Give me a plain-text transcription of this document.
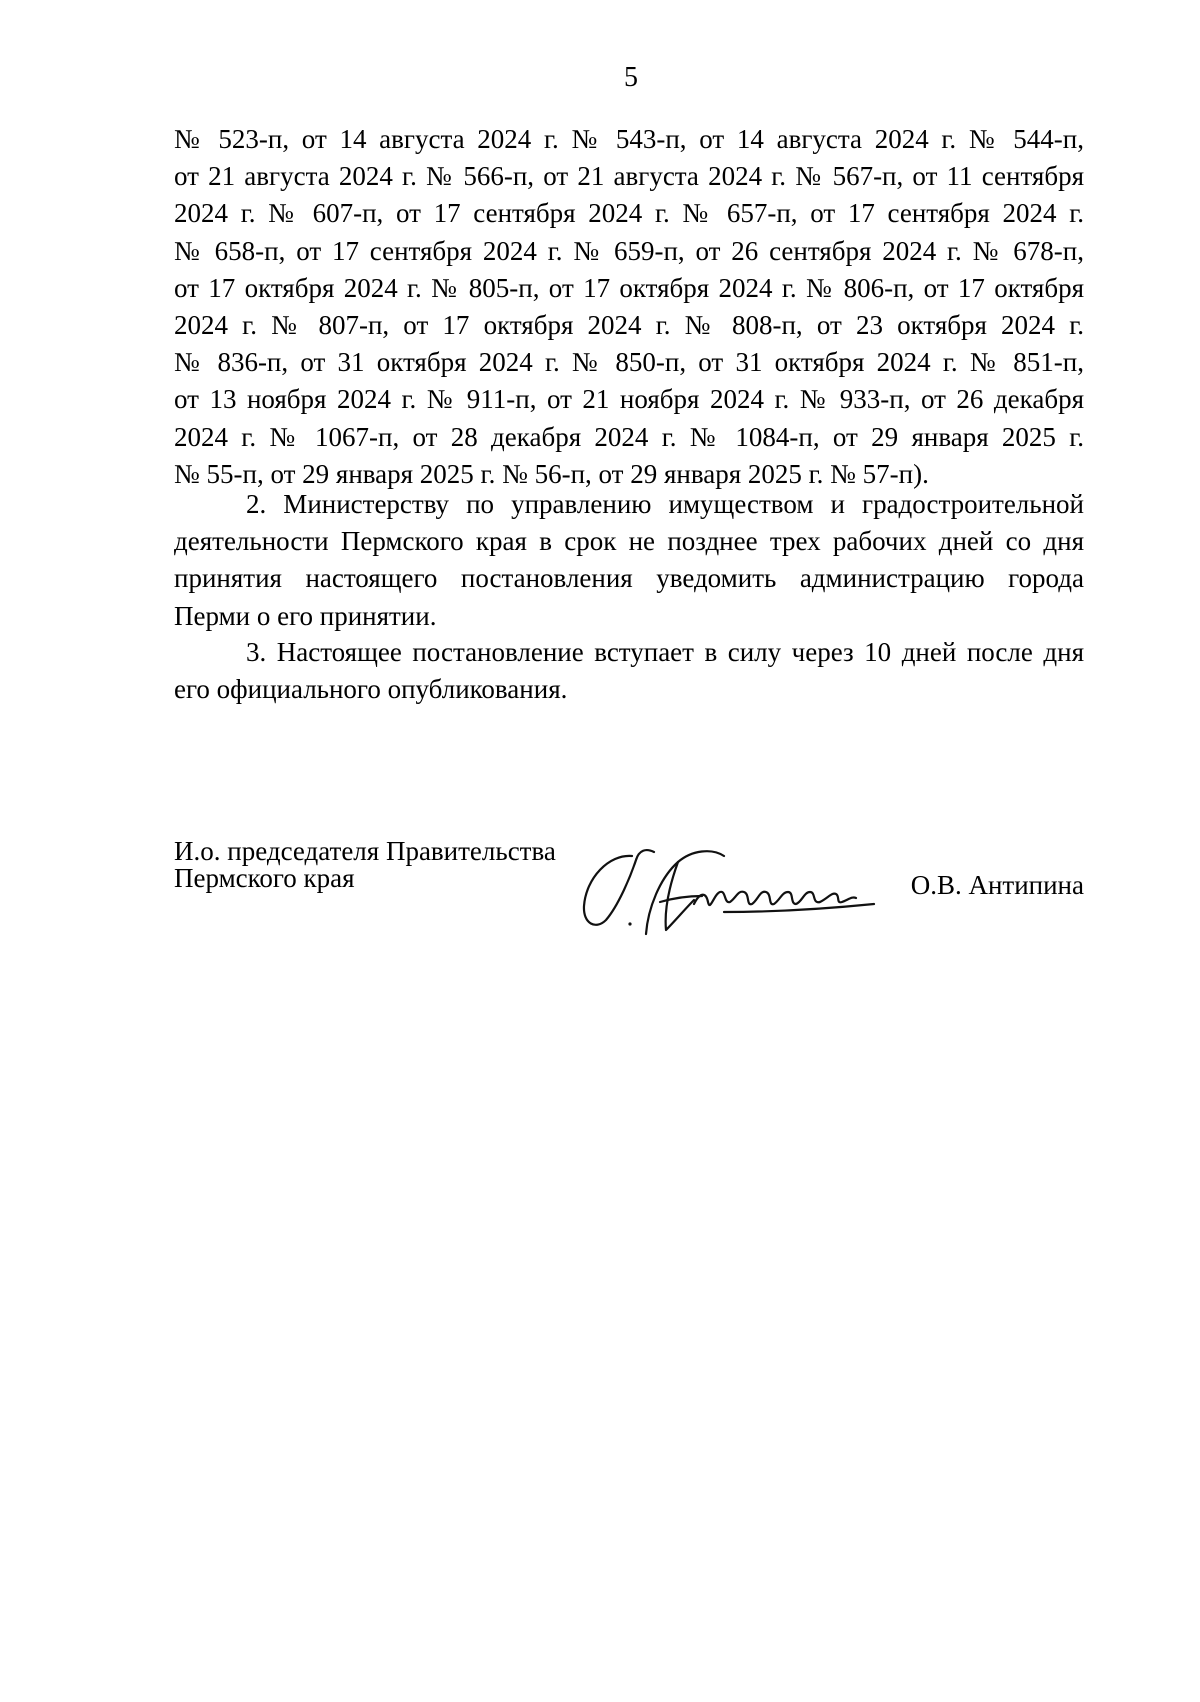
5
№ 523-п, от 14 августа 2024 г. № 543-п, от 14 августа 2024 г. № 544-п,
от 21 августа 2024 г. № 566-п, от 21 августа 2024 г. № 567-п, от 11 сентября
2024 г. № 607-п, от 17 сентября 2024 г. № 657-п, от 17 сентября 2024 г.
№ 658-п, от 17 сентября 2024 г. № 659-п, от 26 сентября 2024 г. № 678-п,
от 17 октября 2024 г. № 805-п, от 17 октября 2024 г. № 806-п, от 17 октября
2024 г. № 807-п, от 17 октября 2024 г. № 808-п, от 23 октября 2024 г.
№ 836-п, от 31 октября 2024 г. № 850-п, от 31 октября 2024 г. № 851-п,
от 13 ноября 2024 г. № 911-п, от 21 ноября 2024 г. № 933-п, от 26 декабря
2024 г. № 1067-п, от 28 декабря 2024 г. № 1084-п, от 29 января 2025 г.
№ 55-п, от 29 января 2025 г. № 56-п, от 29 января 2025 г. № 57-п).
2. Министерству по управлению имуществом и градостроительной
деятельности Пермского края в срок не позднее трех рабочих дней со дня
принятия настоящего постановления уведомить администрацию города
Перми о его принятии.
3. Настоящее постановление вступает в силу через 10 дней после дня
его официального опубликования.
И.о. председателя Правительства
Пермского края	О.В. Антипина
